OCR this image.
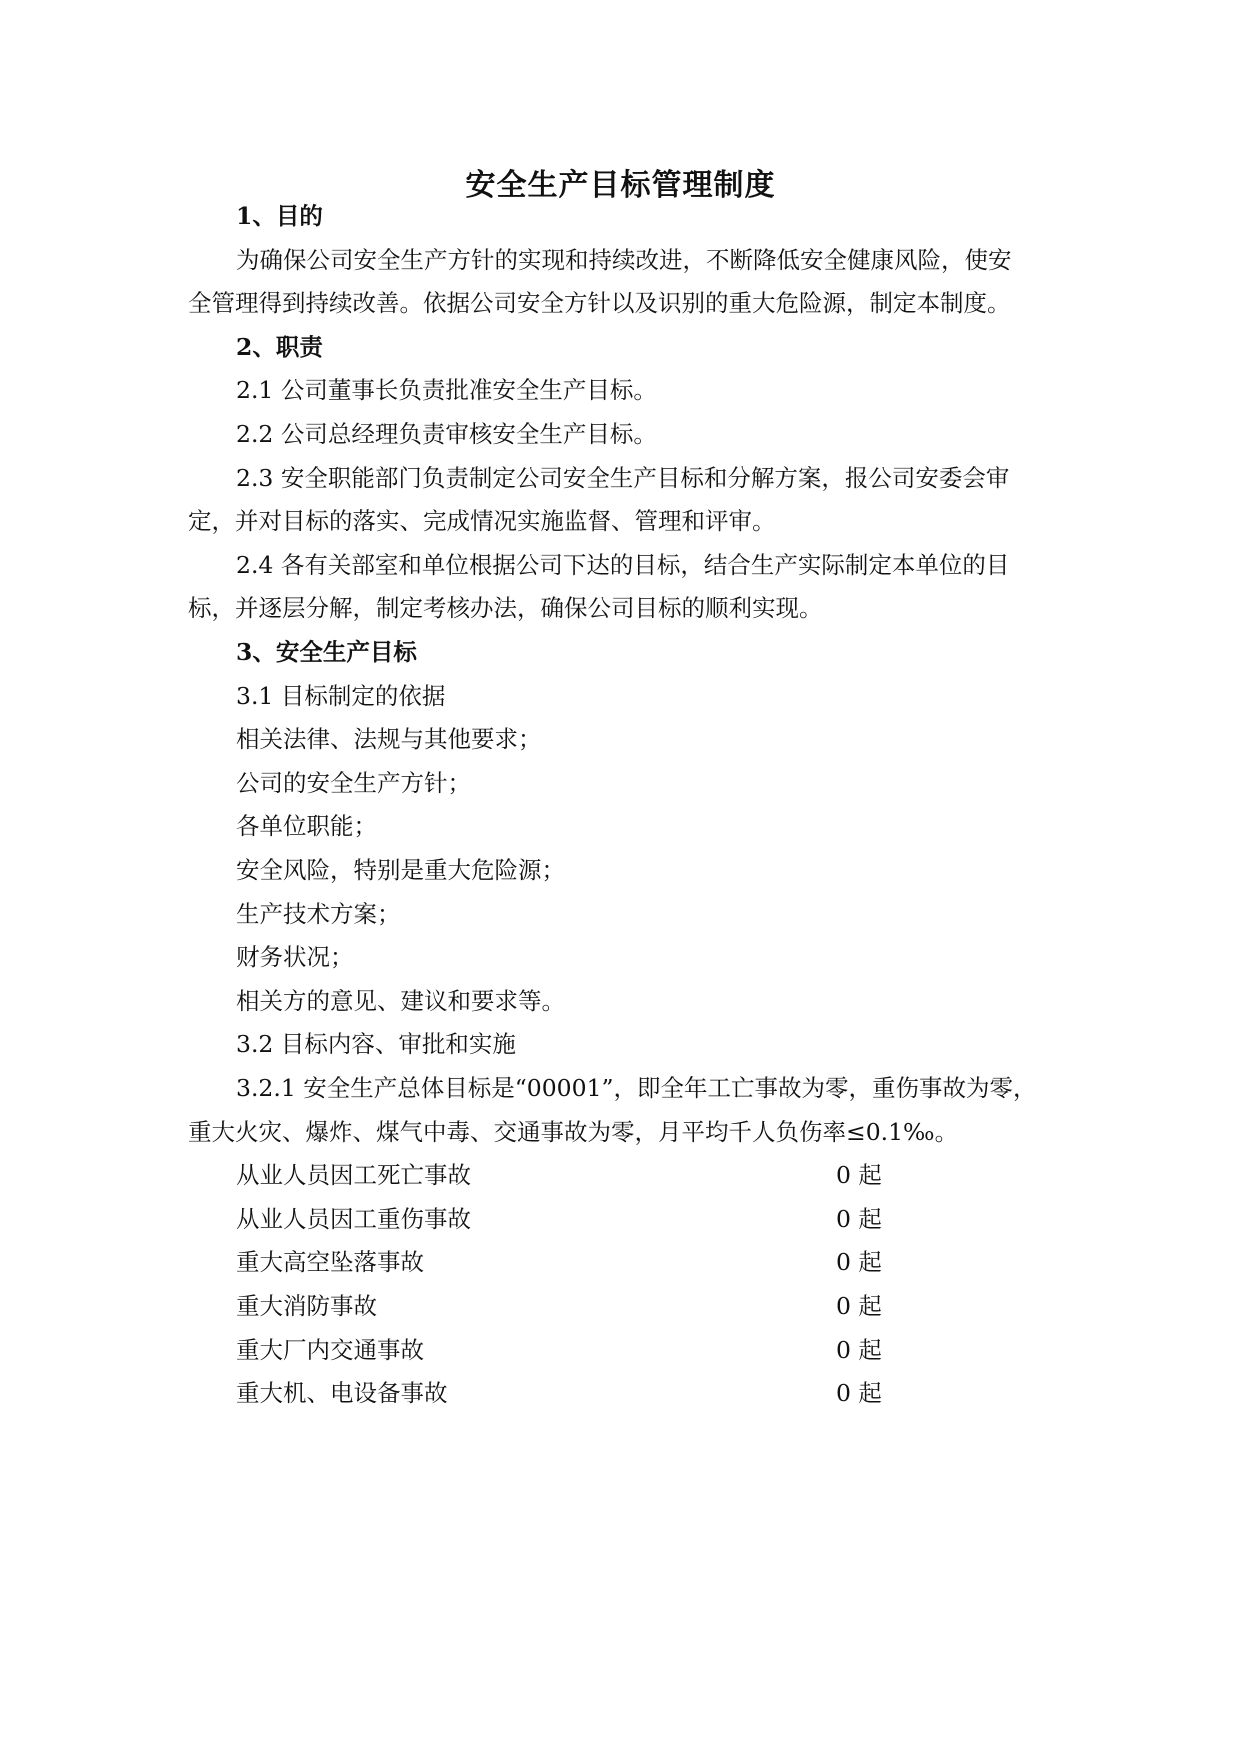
安全生产目标管理制度
1、目的
为确保公司安全生产方针的实现和持续改进，不断降低安全健康风险，使安
全管理得到持续改善。依据公司安全方针以及识别的重大危险源，制定本制度。
2、职责
2.1 公司董事长负责批准安全生产目标。
2.2 公司总经理负责审核安全生产目标。
2.3 安全职能部门负责制定公司安全生产目标和分解方案，报公司安委会审
定，并对目标的落实、完成情况实施监督、管理和评审。
2.4 各有关部室和单位根据公司下达的目标，结合生产实际制定本单位的目
标，并逐层分解，制定考核办法，确保公司目标的顺利实现。
3、安全生产目标
3.1 目标制定的依据
相关法律、法规与其他要求；
公司的安全生产方针；
各单位职能；
安全风险，特别是重大危险源；
生产技术方案；
财务状况；
相关方的意见、建议和要求等。
3.2 目标内容、审批和实施
3.2.1 安全生产总体目标是“00001”，即全年工亡事故为零，重伤事故为零，
重大火灾、爆炸、煤气中毒、交通事故为零，月平均千人负伤率≤0.1‰。
从业人员因工死亡事故	0 起
从业人员因工重伤事故	0 起
重大高空坠落事故	0 起
重大消防事故	0 起
重大厂内交通事故	0 起
重大机、电设备事故	0 起
